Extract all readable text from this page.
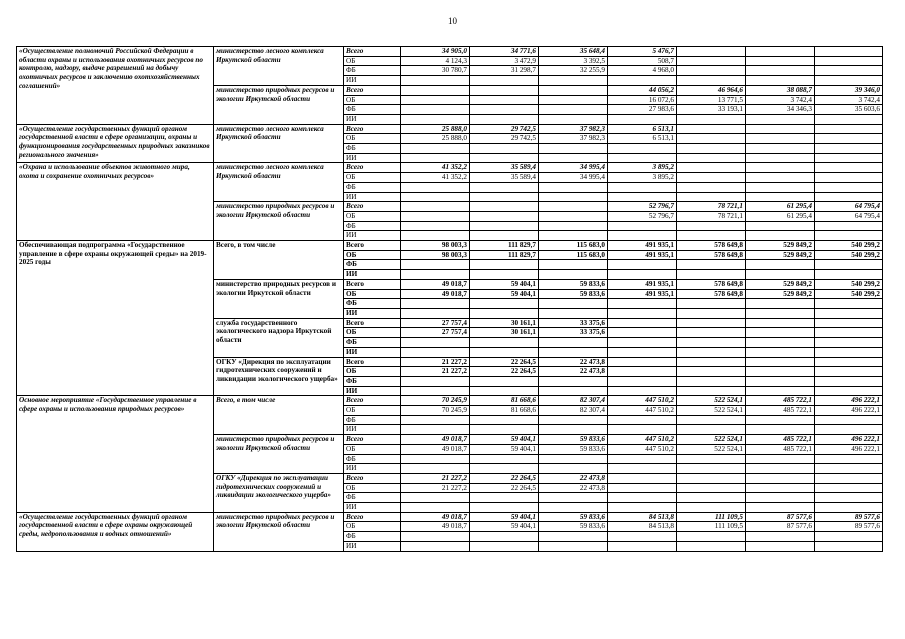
10
«Осуществление полномочий Российской Федерации в области охраны и использования охотничьих ресурсов по контролю, надзору, выдаче разрешений на добычу охотничьих ресурсов и заключению охотхозяйственных соглашений»	министерство лесного комплекса Иркутской области	Всего	34 905,0	34 771,6	35 648,4	5 476,7			
		ОБ	4 124,3	3 472,9	3 392,5	508,7			
		ФБ	30 780,7	31 298,7	32 255,9	4 968,0			
		ИИ							
	министерство природных ресурсов и экологии Иркутской области	Всего				44 056,2	46 964,6	38 088,7	39 346,0
		ОБ				16 072,6	13 771,5	3 742,4	3 742,4
		ФБ				27 983,6	33 193,1	34 346,3	35 603,6
		ИИ							
«Осуществление государственных функций органом государственной власти в сфере организации, охраны и функционирования государственных природных заказников регионального значения»	министерство лесного комплекса Иркутской области	Всего	25 888,0	29 742,5	37 982,3	6 513,1			
		ОБ	25 888,0	29 742,5	37 982,3	6 513,1			
		ФБ							
		ИИ							
«Охрана и использование объектов животного мира, охота и сохранение охотничьих ресурсов»	министерство лесного комплекса Иркутской области	Всего	41 352,2	35 589,4	34 995,4	3 895,2			
		ОБ	41 352,2	35 589,4	34 995,4	3 895,2			
		ФБ							
		ИИ							
	министерство природных ресурсов и экологии Иркутской области	Всего				52 796,7	78 721,1	61 295,4	64 795,4
		ОБ				52 796,7	78 721,1	61 295,4	64 795,4
		ФБ							
		ИИ							
Обеспечивающая подпрограмма «Государственное управление в сфере охраны окружающей среды» на 2019-2025 годы	Всего, в том числе	Всего	98 003,3	111 829,7	115 683,0	491 935,1	578 649,8	529 849,2	540 299,2
		ОБ	98 003,3	111 829,7	115 683,0	491 935,1	578 649,8	529 849,2	540 299,2
		ФБ							
		ИИ							
	министерство природных ресурсов и экологии Иркутской области	Всего	49 018,7	59 404,1	59 833,6	491 935,1	578 649,8	529 849,2	540 299,2
		ОБ	49 018,7	59 404,1	59 833,6	491 935,1	578 649,8	529 849,2	540 299,2
		ФБ							
		ИИ							
	служба государственного экологического надзора Иркутской области	Всего	27 757,4	30 161,1	33 375,6				
		ОБ	27 757,4	30 161,1	33 375,6				
		ФБ							
		ИИ							
	ОГКУ «Дирекция по эксплуатации гидротехнических сооружений и ликвидации экологического ущерба»	Всего	21 227,2	22 264,5	22 473,8				
		ОБ	21 227,2	22 264,5	22 473,8				
		ФБ							
		ИИ							
Основное мероприятие «Государственное управление в сфере охраны и использования природных ресурсов»	Всего, в том числе	Всего	70 245,9	81 668,6	82 307,4	447 510,2	522 524,1	485 722,1	496 222,1
		ОБ	70 245,9	81 668,6	82 307,4	447 510,2	522 524,1	485 722,1	496 222,1
		ФБ							
		ИИ							
	министерство природных ресурсов и экологии Иркутской области	Всего	49 018,7	59 404,1	59 833,6	447 510,2	522 524,1	485 722,1	496 222,1
		ОБ	49 018,7	59 404,1	59 833,6	447 510,2	522 524,1	485 722,1	496 222,1
		ФБ							
		ИИ							
	ОГКУ «Дирекция по эксплуатации гидротехнических сооружений и ликвидации экологического ущерба»	Всего	21 227,2	22 264,5	22 473,8				
		ОБ	21 227,2	22 264,5	22 473,8				
		ФБ							
		ИИ							
«Осуществление государственных функций органом государственной власти в сфере охраны окружающей среды, недропользования и водных отношений»	министерство природных ресурсов и экологии Иркутской области	Всего	49 018,7	59 404,1	59 833,6	84 513,8	111 109,5	87 577,6	89 577,6
		ОБ	49 018,7	59 404,1	59 833,6	84 513,8	111 109,5	87 577,6	89 577,6
		ФБ							
		ИИ							
